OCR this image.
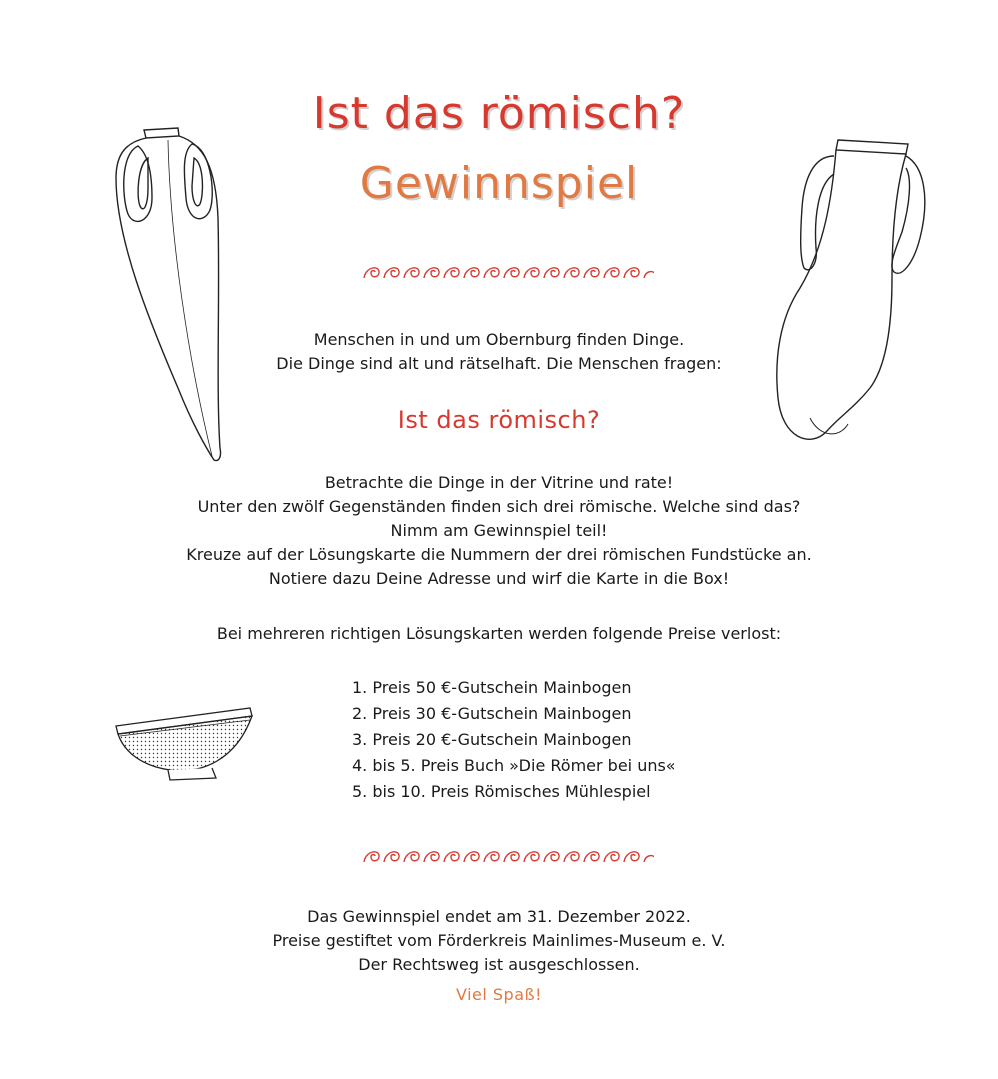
Ist das römisch?
Gewinnspiel
Menschen in und um Obernburg finden Dinge.
Die Dinge sind alt und rätselhaft. Die Menschen fragen:
Ist das römisch?
Betrachte die Dinge in der Vitrine und rate!
Unter den zwölf Gegenständen finden sich drei römische. Welche sind das?
Nimm am Gewinnspiel teil!
Kreuze auf der Lösungskarte die Nummern der drei römischen Fundstücke an.
Notiere dazu Deine Adresse und wirf die Karte in die Box!
Bei mehreren richtigen Lösungskarten werden folgende Preise verlost:
1. Preis 50 €-Gutschein Mainbogen
2. Preis 30 €-Gutschein Mainbogen
3. Preis 20 €-Gutschein Mainbogen
4. bis 5. Preis Buch »Die Römer bei uns«
5. bis 10. Preis Römisches Mühlespiel
Das Gewinnspiel endet am 31. Dezember 2022.
Preise gestiftet vom Förderkreis Mainlimes-Museum e. V.
Der Rechtsweg ist ausgeschlossen.
Viel Spaß!
